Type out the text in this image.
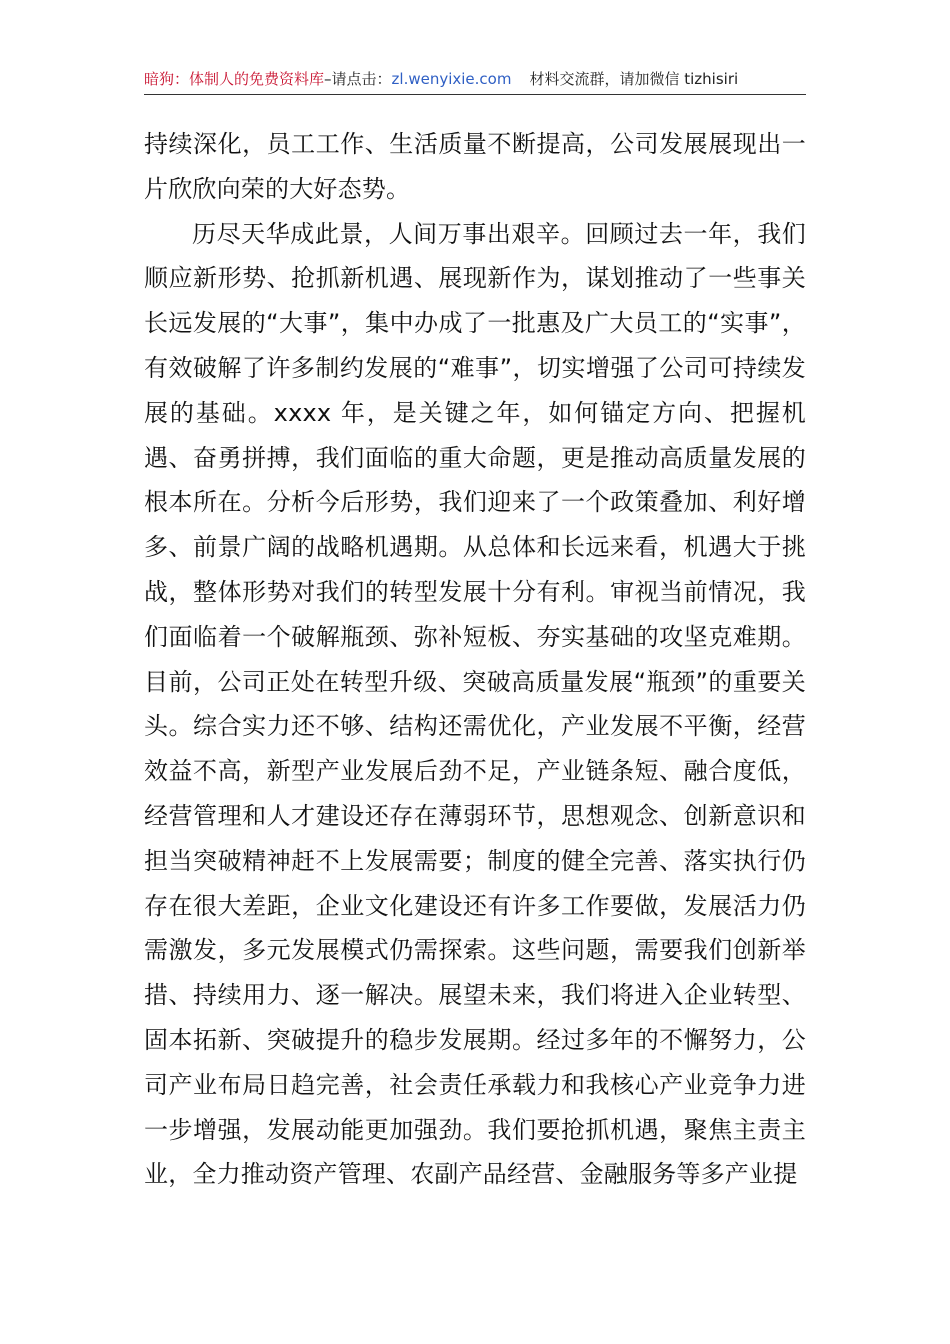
暗狗：体制人的免费资料库–请点击：zl.wenyixie.com 材料交流群，请加微信 tizhisiri

持续深化，员工工作、生活质量不断提高，公司发展展现出一片欣欣向荣的大好态势。

历尽天华成此景，人间万事出艰辛。回顾过去一年，我们顺应新形势、抢抓新机遇、展现新作为，谋划推动了一些事关长远发展的“大事”，集中办成了一批惠及广大员工的“实事”，有效破解了许多制约发展的“难事”，切实增强了公司可持续发展的基础。xxxx 年，是关键之年，如何锚定方向、把握机遇、奋勇拼搏，我们面临的重大命题，更是推动高质量发展的根本所在。分析今后形势，我们迎来了一个政策叠加、利好增多、前景广阔的战略机遇期。从总体和长远来看，机遇大于挑战，整体形势对我们的转型发展十分有利。审视当前情况，我们面临着一个破解瓶颈、弥补短板、夯实基础的攻坚克难期。目前，公司正处在转型升级、突破高质量发展“瓶颈”的重要关头。综合实力还不够、结构还需优化，产业发展不平衡，经营效益不高，新型产业发展后劲不足，产业链条短、融合度低，经营管理和人才建设还存在薄弱环节，思想观念、创新意识和担当突破精神赶不上发展需要；制度的健全完善、落实执行仍存在很大差距，企业文化建设还有许多工作要做，发展活力仍需激发，多元发展模式仍需探索。这些问题，需要我们创新举措、持续用力、逐一解决。展望未来，我们将进入企业转型、固本拓新、突破提升的稳步发展期。经过多年的不懈努力，公司产业布局日趋完善，社会责任承载力和我核心产业竞争力进一步增强，发展动能更加强劲。我们要抢抓机遇，聚焦主责主业，全力推动资产管理、农副产品经营、金融服务等多产业提
